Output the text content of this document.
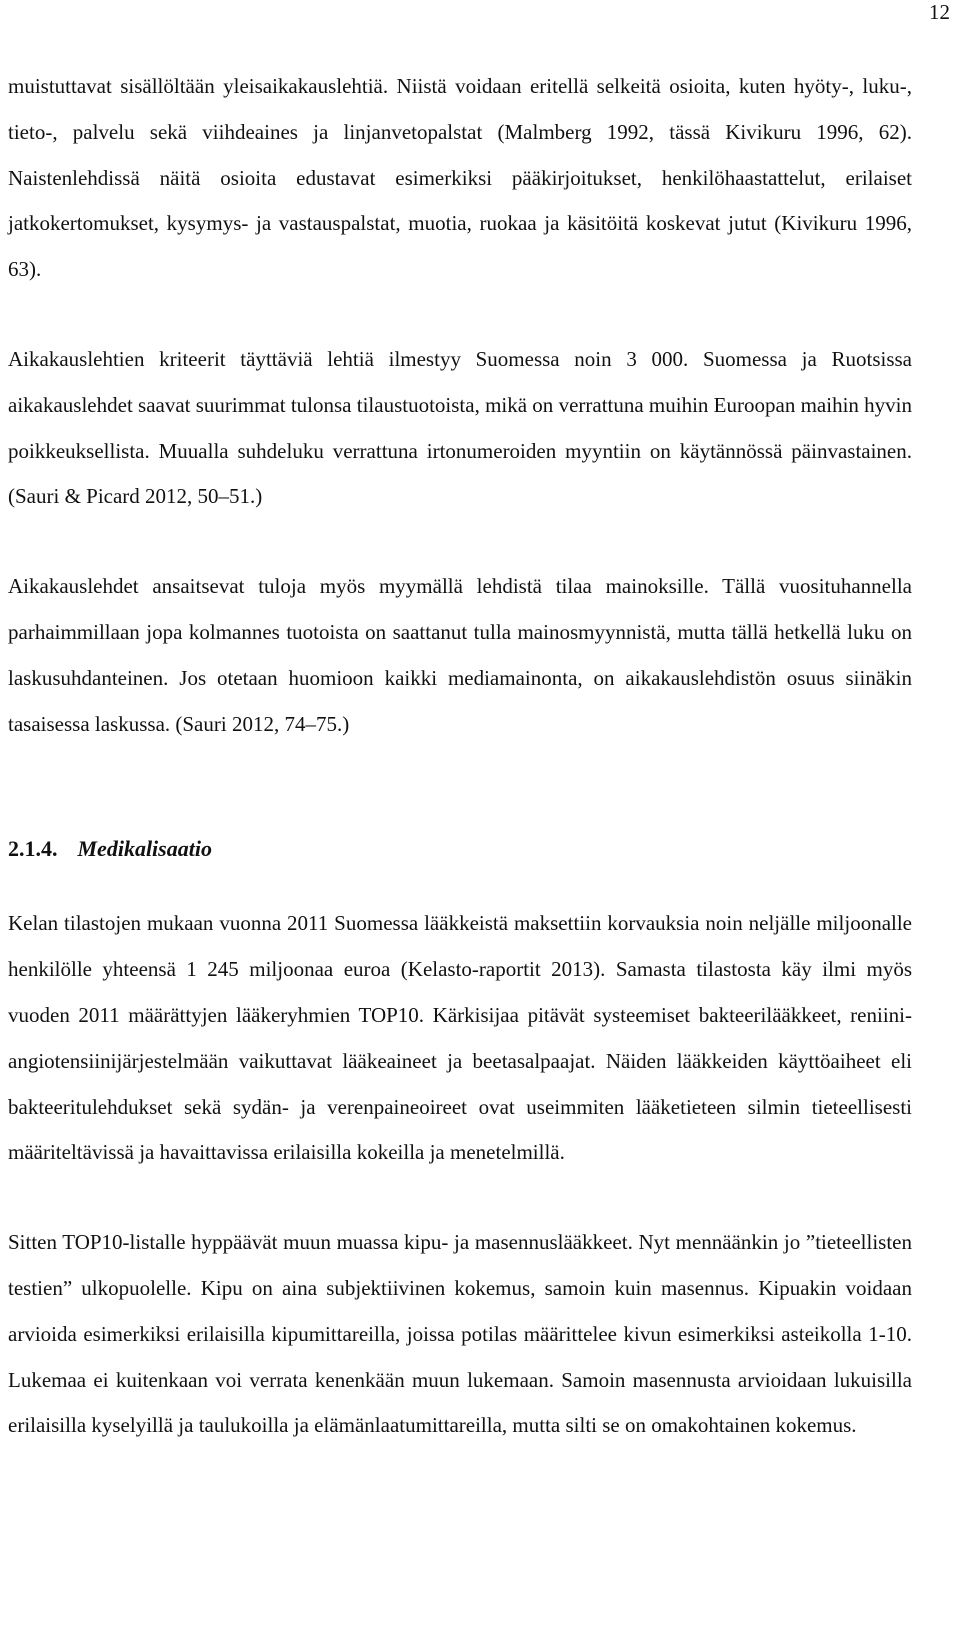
12

muistuttavat sisällöltään yleisaikakauslehtiä. Niistä voidaan eritellä selkeitä osioita, kuten hyöty-, luku-, tieto-, palvelu sekä viihdeaines ja linjanvetopalstat (Malmberg 1992, tässä Kivikuru 1996, 62). Naistenlehdissä näitä osioita edustavat esimerkiksi pääkirjoitukset, henkilöhaastattelut, erilaiset jatkokertomukset, kysymys- ja vastauspalstat, muotia, ruokaa ja käsitöitä koskevat jutut (Kivikuru 1996, 63).

Aikakauslehtien kriteerit täyttäviä lehtiä ilmestyy Suomessa noin 3 000. Suomessa ja Ruotsissa aikakauslehdet saavat suurimmat tulonsa tilaustuotoista, mikä on verrattuna muihin Euroopan maihin hyvin poikkeuksellista. Muualla suhdeluku verrattuna irtonumeroiden myyntiin on käytännössä päinvastainen. (Sauri & Picard 2012, 50–51.)

Aikakauslehdet ansaitsevat tuloja myös myymällä lehdistä tilaa mainoksille. Tällä vuosituhannella parhaimmillaan jopa kolmannes tuotoista on saattanut tulla mainosmyynnistä, mutta tällä hetkellä luku on laskusuhdanteinen. Jos otetaan huomioon kaikki mediamainonta, on aikakauslehdistön osuus siinäkin tasaisessa laskussa. (Sauri 2012, 74–75.)

2.1.4. Medikalisaatio

Kelan tilastojen mukaan vuonna 2011 Suomessa lääkkeistä maksettiin korvauksia noin neljälle miljoonalle henkilölle yhteensä 1 245 miljoonaa euroa (Kelasto-raportit 2013). Samasta tilastosta käy ilmi myös vuoden 2011 määrättyjen lääkeryhmien TOP10. Kärkisijaa pitävät systeemiset bakteerilääkkeet, reniini-angiotensiinijärjestelmään vaikuttavat lääkeaineet ja beetasalpaajat. Näiden lääkkeiden käyttöaiheet eli bakteeritulehdukset sekä sydän- ja verenpaineoireet ovat useimmiten lääketieteen silmin tieteellisesti määriteltävissä ja havaittavissa erilaisilla kokeilla ja menetelmillä.

Sitten TOP10-listalle hyppäävät muun muassa kipu- ja masennuslääkkeet. Nyt mennäänkin jo ”tieteellisten testien” ulkopuolelle. Kipu on aina subjektiivinen kokemus, samoin kuin masennus. Kipuakin voidaan arvioida esimerkiksi erilaisilla kipumittareilla, joissa potilas määrittelee kivun esimerkiksi asteikolla 1-10. Lukemaa ei kuitenkaan voi verrata kenenkään muun lukemaan. Samoin masennusta arvioidaan lukuisilla erilaisilla kyselyillä ja taulukoilla ja elämänlaatumittareilla, mutta silti se on omakohtainen kokemus.
